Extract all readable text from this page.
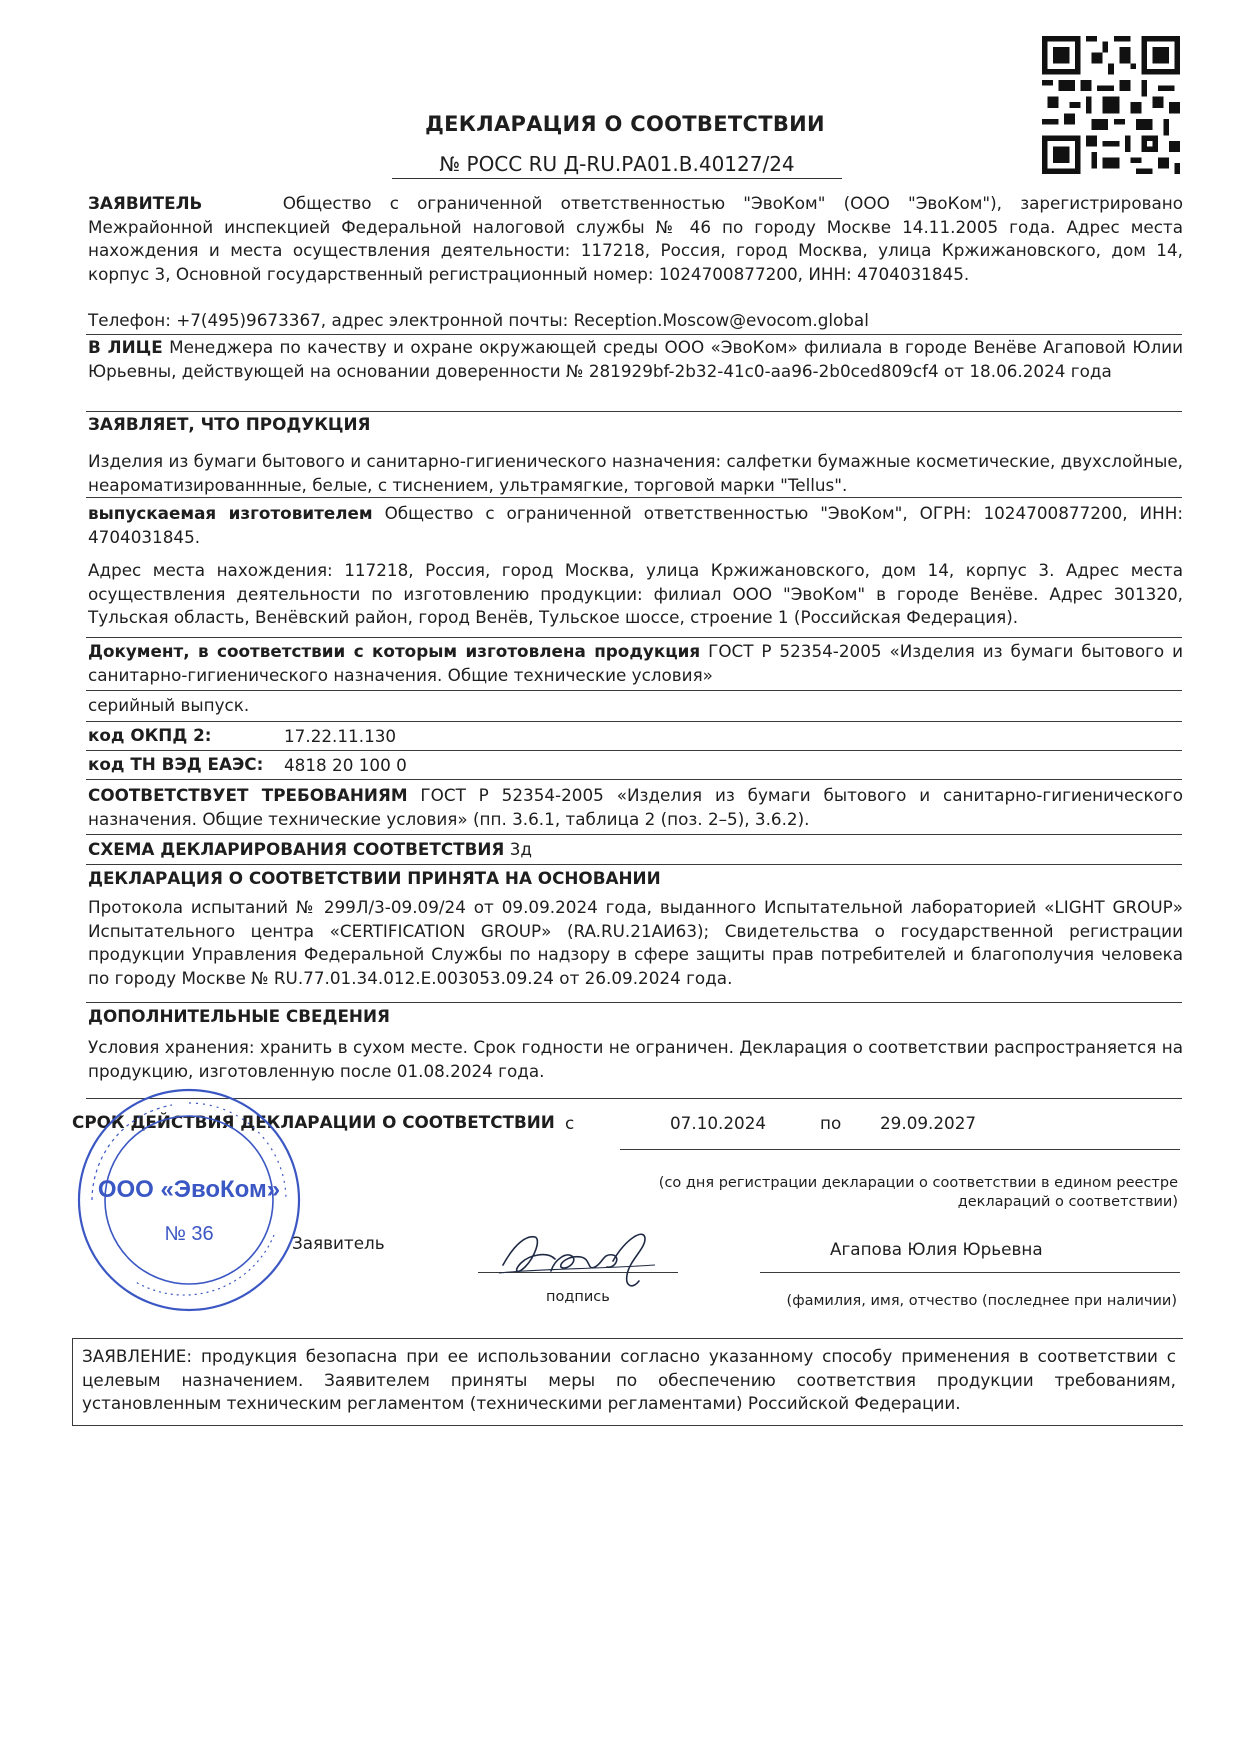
ДЕКЛАРАЦИЯ О СООТВЕТСТВИИ
№ РОСС RU Д-RU.РА01.В.40127/24
ЗАЯВИТЕЛЬ	Общество с ограниченной ответственностью "ЭвоКом" (ООО "ЭвоКом"), зарегистрировано Межрайонной инспекцией Федеральной налоговой службы № 46 по городу Москве 14.11.2005 года. Адрес места нахождения и места осуществления деятельности: 117218, Россия, город Москва, улица Кржижановского, дом 14, корпус 3, Основной государственный регистрационный номер: 1024700877200, ИНН: 4704031845.
Телефон: +7(495)9673367, адрес электронной почты: Reception.Moscow@evocom.global
В ЛИЦЕ Менеджера по качеству и охране окружающей среды ООО «ЭвоКом» филиала в городе Венёве Агаповой Юлии Юрьевны, действующей на основании доверенности № 281929bf-2b32-41c0-aa96-2b0ced809cf4 от 18.06.2024 года
ЗАЯВЛЯЕТ, ЧТО ПРОДУКЦИЯ
Изделия из бумаги бытового и санитарно-гигиенического назначения: салфетки бумажные косметические, двухслойные, неароматизированнные, белые, с тиснением, ультрамягкие, торговой марки "Tellus".
выпускаемая изготовителем Общество с ограниченной ответственностью "ЭвоКом", ОГРН: 1024700877200, ИНН: 4704031845.
Адрес места нахождения: 117218, Россия, город Москва, улица Кржижановского, дом 14, корпус 3. Адрес места осуществления деятельности по изготовлению продукции: филиал ООО "ЭвоКом" в городе Венёве. Адрес 301320, Тульская область, Венёвский район, город Венёв, Тульское шоссе, строение 1 (Российская Федерация).
Документ, в соответствии с которым изготовлена продукция ГОСТ Р 52354-2005 «Изделия из бумаги бытового и санитарно-гигиенического назначения. Общие технические условия»
серийный выпуск.
код ОКПД 2:	17.22.11.130
код ТН ВЭД ЕАЭС: 4818 20 100 0
СООТВЕТСТВУЕТ ТРЕБОВАНИЯМ ГОСТ Р 52354-2005 «Изделия из бумаги бытового и санитарно-гигиенического назначения. Общие технические условия» (пп. 3.6.1, таблица 2 (поз. 2–5), 3.6.2).
СХЕМА ДЕКЛАРИРОВАНИЯ СООТВЕТСТВИЯ 3д
ДЕКЛАРАЦИЯ О СООТВЕТСТВИИ ПРИНЯТА НА ОСНОВАНИИ
Протокола испытаний № 299Л/3-09.09/24 от 09.09.2024 года, выданного Испытательной лабораторией «LIGHT GROUP» Испытательного центра «CERTIFICATION GROUP» (RA.RU.21АИ63); Свидетельства о государственной регистрации продукции Управления Федеральной Службы по надзору в сфере защиты прав потребителей и благополучия человека по городу Москве № RU.77.01.34.012.Е.003053.09.24 от 26.09.2024 года.
ДОПОЛНИТЕЛЬНЫЕ СВЕДЕНИЯ
Условия хранения: хранить в сухом месте. Срок годности не ограничен. Декларация о соответствии распространяется на продукцию, изготовленную после 01.08.2024 года.
СРОК ДЕЙСТВИЯ ДЕКЛАРАЦИИ О СООТВЕТСТВИИ с	07.10.2024	по 29.09.2027
(со дня регистрации декларации о соответствии в едином реестре деклараций о соответствии)
Заявитель
подпись
Агапова Юлия Юрьевна
(фамилия, имя, отчество (последнее при наличии)
ООО «ЭвоКом»
№ 36
ЗАЯВЛЕНИЕ: продукция безопасна при ее использовании согласно указанному способу применения в соответствии с целевым назначением. Заявителем приняты меры по обеспечению соответствия продукции требованиям, установленным техническим регламентом (техническими регламентами) Российской Федерации.
